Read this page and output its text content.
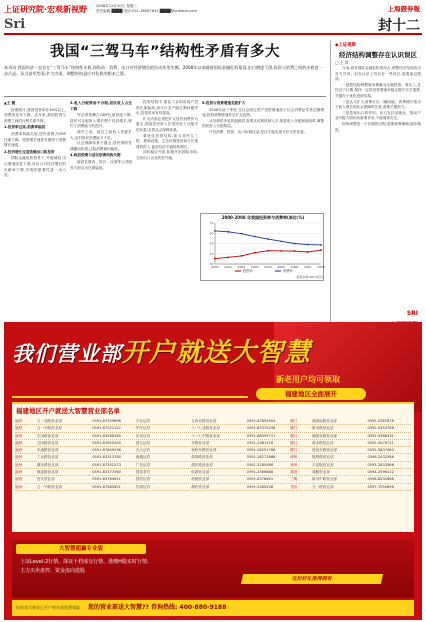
上证研究院·宏观新视野 2008年12月10日 星期三
责任编辑 ████ 电话:021-38967631 ████@cnstock.com
Sri
上海證券報
封十二
我国“三驾马车”结构性矛盾有多大
本刊讯 我国经济一直存在“三驾马车”结构性矛盾,即投资、消费、出口对经济增长的拉动作用失衡。2008年以来随着国际金融危机蔓延,出口增速下滑,投资与消费之间的矛盾进一步凸显。从当前形势看,扩大内需、调整结构是应对危机的根本之策。
▲王 健
按照统计,我国投资率在40%以上,消费率连年下降。近年来,我国投资与消费之间的比例关系失调。
1.投资率过高,消费率偏低
消费率持续走低,居民消费占GDP比重下降。投资增长速度长期快于消费增长速度。
2.经济增长过度依赖出口和投资
国际金融危机背景下,外需减弱,出口增速明显下滑,净出口对经济增长的贡献率下降,内需的重要性进一步凸显。
3.收入分配格局不合理,居民收入占比下降
劳动者报酬占GDP比重持续下降,居民可支配收入增长慢于经济增长,制约了消费能力的提升。
城乡之间、地区之间收入差距扩大,农村居民消费能力不足。
社会保障体系不健全,居民预防性储蓄动机强,边际消费倾向偏低。
4.政府消费与居民消费结构失衡
政府在教育、医疗、社保等公共服务方面支出比重偏低。
投资结构中,重化工业和房地产投资比重偏高,部分行业产能过剩问题突出,投资效率有待提高。
扩大内需必须把扩大居民消费作为重点,提高居民收入在国民收入分配中的比重,完善社会保障体系。
要优化投资结构,加大对民生工程、基础设施、生态环境建设和灾后重建的投入,促进经济平稳较快增长。
同时稳定外需,积极开拓国际市场,支持出口企业转型升级。
5.投资与消费增速差距扩大
2008年前三季度,全社会固定资产投资增速高于社会消费品零售总额增速,投资消费增速差呈扩大趋势。
从结构性矛盾的根源看,需要从体制机制入手,推进收入分配制度改革,调整国民收入分配格局。
只有消费、投资、出口协调拉动,经济才能实现又好又快发展。
2000-2008 年我国投资率与消费率(单位:%)
30
40
50
60
70
2000 2001 2002 2003 2004 2005 2006 2007 2008
投资率	消费率
数据来源:Wind资讯
◆上证观察
经济结构调整存在认识误区
□ 王 涛
当前,面对国际金融危机的冲击,调整经济结构成为各方共识。但在认识上仍存在一些误区,需要加以澄清。
一是把结构调整简单理解为压缩投资。事实上,在经济下行期,保持一定的投资增速对稳定增长至关重要,关键在于优化投资结构。
二是认为扩大消费可以一蹴而就。消费增长取决于收入增长和社会保障的完善,需要长期努力。
三是忽视出口的作用。出口在拉动就业、推动产业升级方面仍有重要作用,不能简单否定。
结构调整是一个长期的过程,需要统筹兼顾,循序渐进。
SRI
我们营业部开户就送大智慧
新老用户均可领取
福建地区全面展开
福建地区开户就送大智慧营业部名单
福州	五一北路营业部	0591-87509898	兴业证券	五四北路营业部	0591-87855904	厦门	湖滨南路营业部	0592-2587878
福州	五一中路营业部	0591-87521222	华安证券	八一七北路营业部	0591-87570258	厦门	厦禾路营业部	0592-5353788
福州	古田路营业部	0591-83268160	东吴证券	八一七中路营业部	0591-88595717	厦门	湖滨北路营业部	0592-5588331
福州	五四路营业部	0591-87825200	国元证券	东街营业部	0591-2381378	厦门	嘉禾路营业部	0592-5076711
福州	东浦路营业部	0591-87649536	光大证券	杨桥东路营业部	0591-28291788	厦门	莲前东路营业部	0592-5837980
福州	工业路营业部	0591-83313780	海通证券	鼓屏路营业部	0591-26272866	漳州	胜利路营业部	0596-2032586
福州	湖东路营业部	0591-87551573	广发证券	湖东路营业部	0591-5185986	泉州	丰泽街营业部	0595-2833566
福州	铜盘路营业部	0591-83377560	国泰君安	仙游营业部	0591-2566688	莆田	城厢营业部	0594-2096122
福州	晋安营业部	0591-83784611	国信证券	鼓楼营业部	0591-8378461	三明	新市中路营业部	0598-8232866
福州	五一中路营业部	0591-87585621	宏源证券	湖东营业部	0591-5180438	龙岩	九一路营业部	0597-7050896
大智慧超赢专业版
上证Level-2行情、深证十档成交行情、港澳H股实时行情,
主力买卖盘控、资金流向选股
这份好礼值得拥有
投资者可到各已开户营业部免费领取 您的营业部送大智慧?? 咨询热线: 400-880-9188
